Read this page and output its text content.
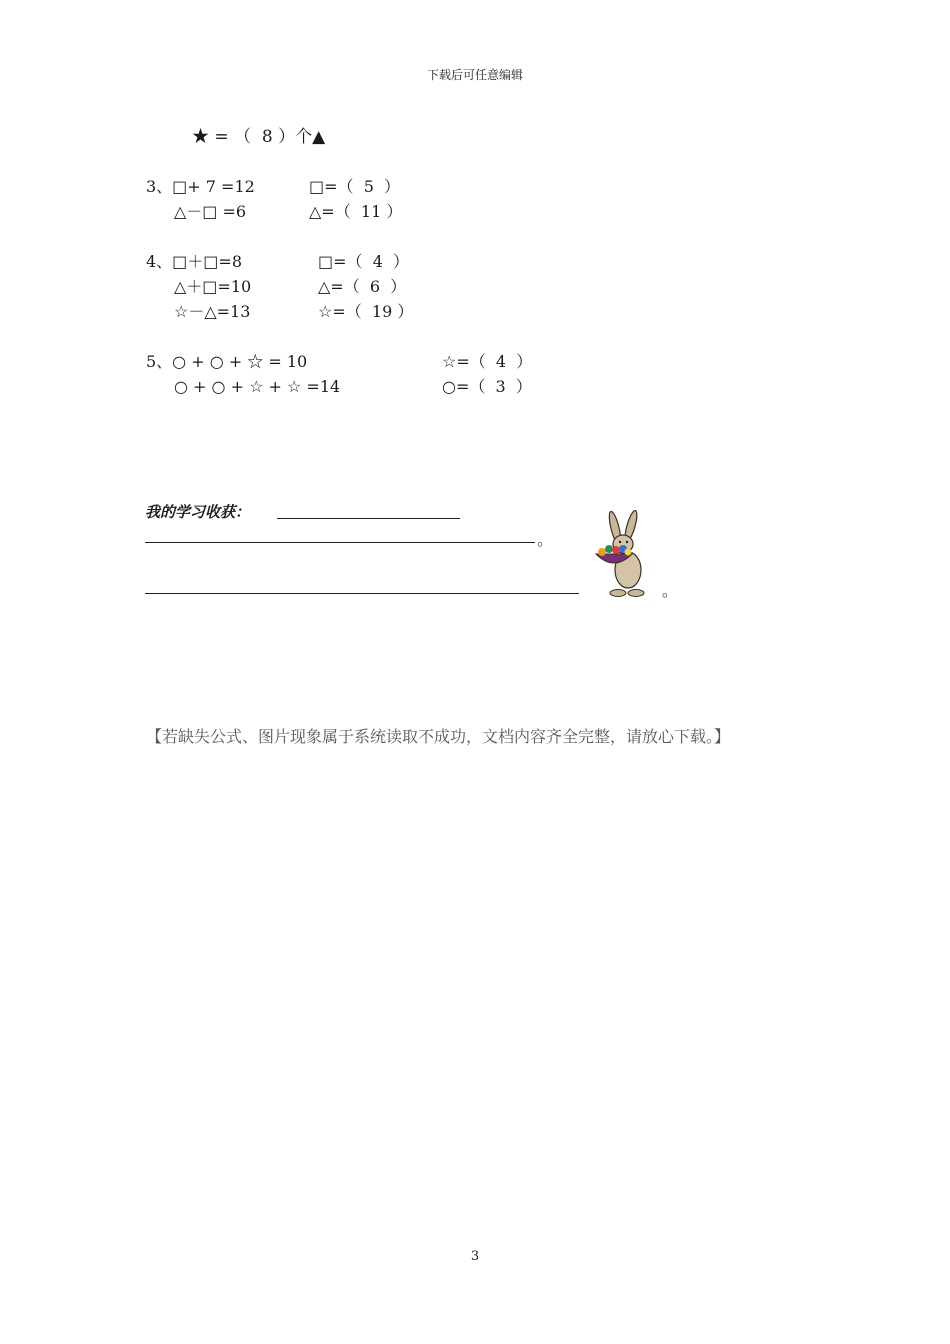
下载后可任意编辑
★ = （  8 ）个▲
3、□+ 7 =12	□=（  5  ）
△－□ =6	△=（  11 ）
4、□＋□=8	□=（  4  ）
△＋□=10	△=（  6  ）
☆－△=13	☆=（  19 ）
5、○ + ○ + ☆ = 10	☆=（  4  ）
○ + ○ + ☆ + ☆ =14	○=（  3  ）
我的学习收获：
。
。
【若缺失公式、图片现象属于系统读取不成功，文档内容齐全完整，请放心下载。】
3
